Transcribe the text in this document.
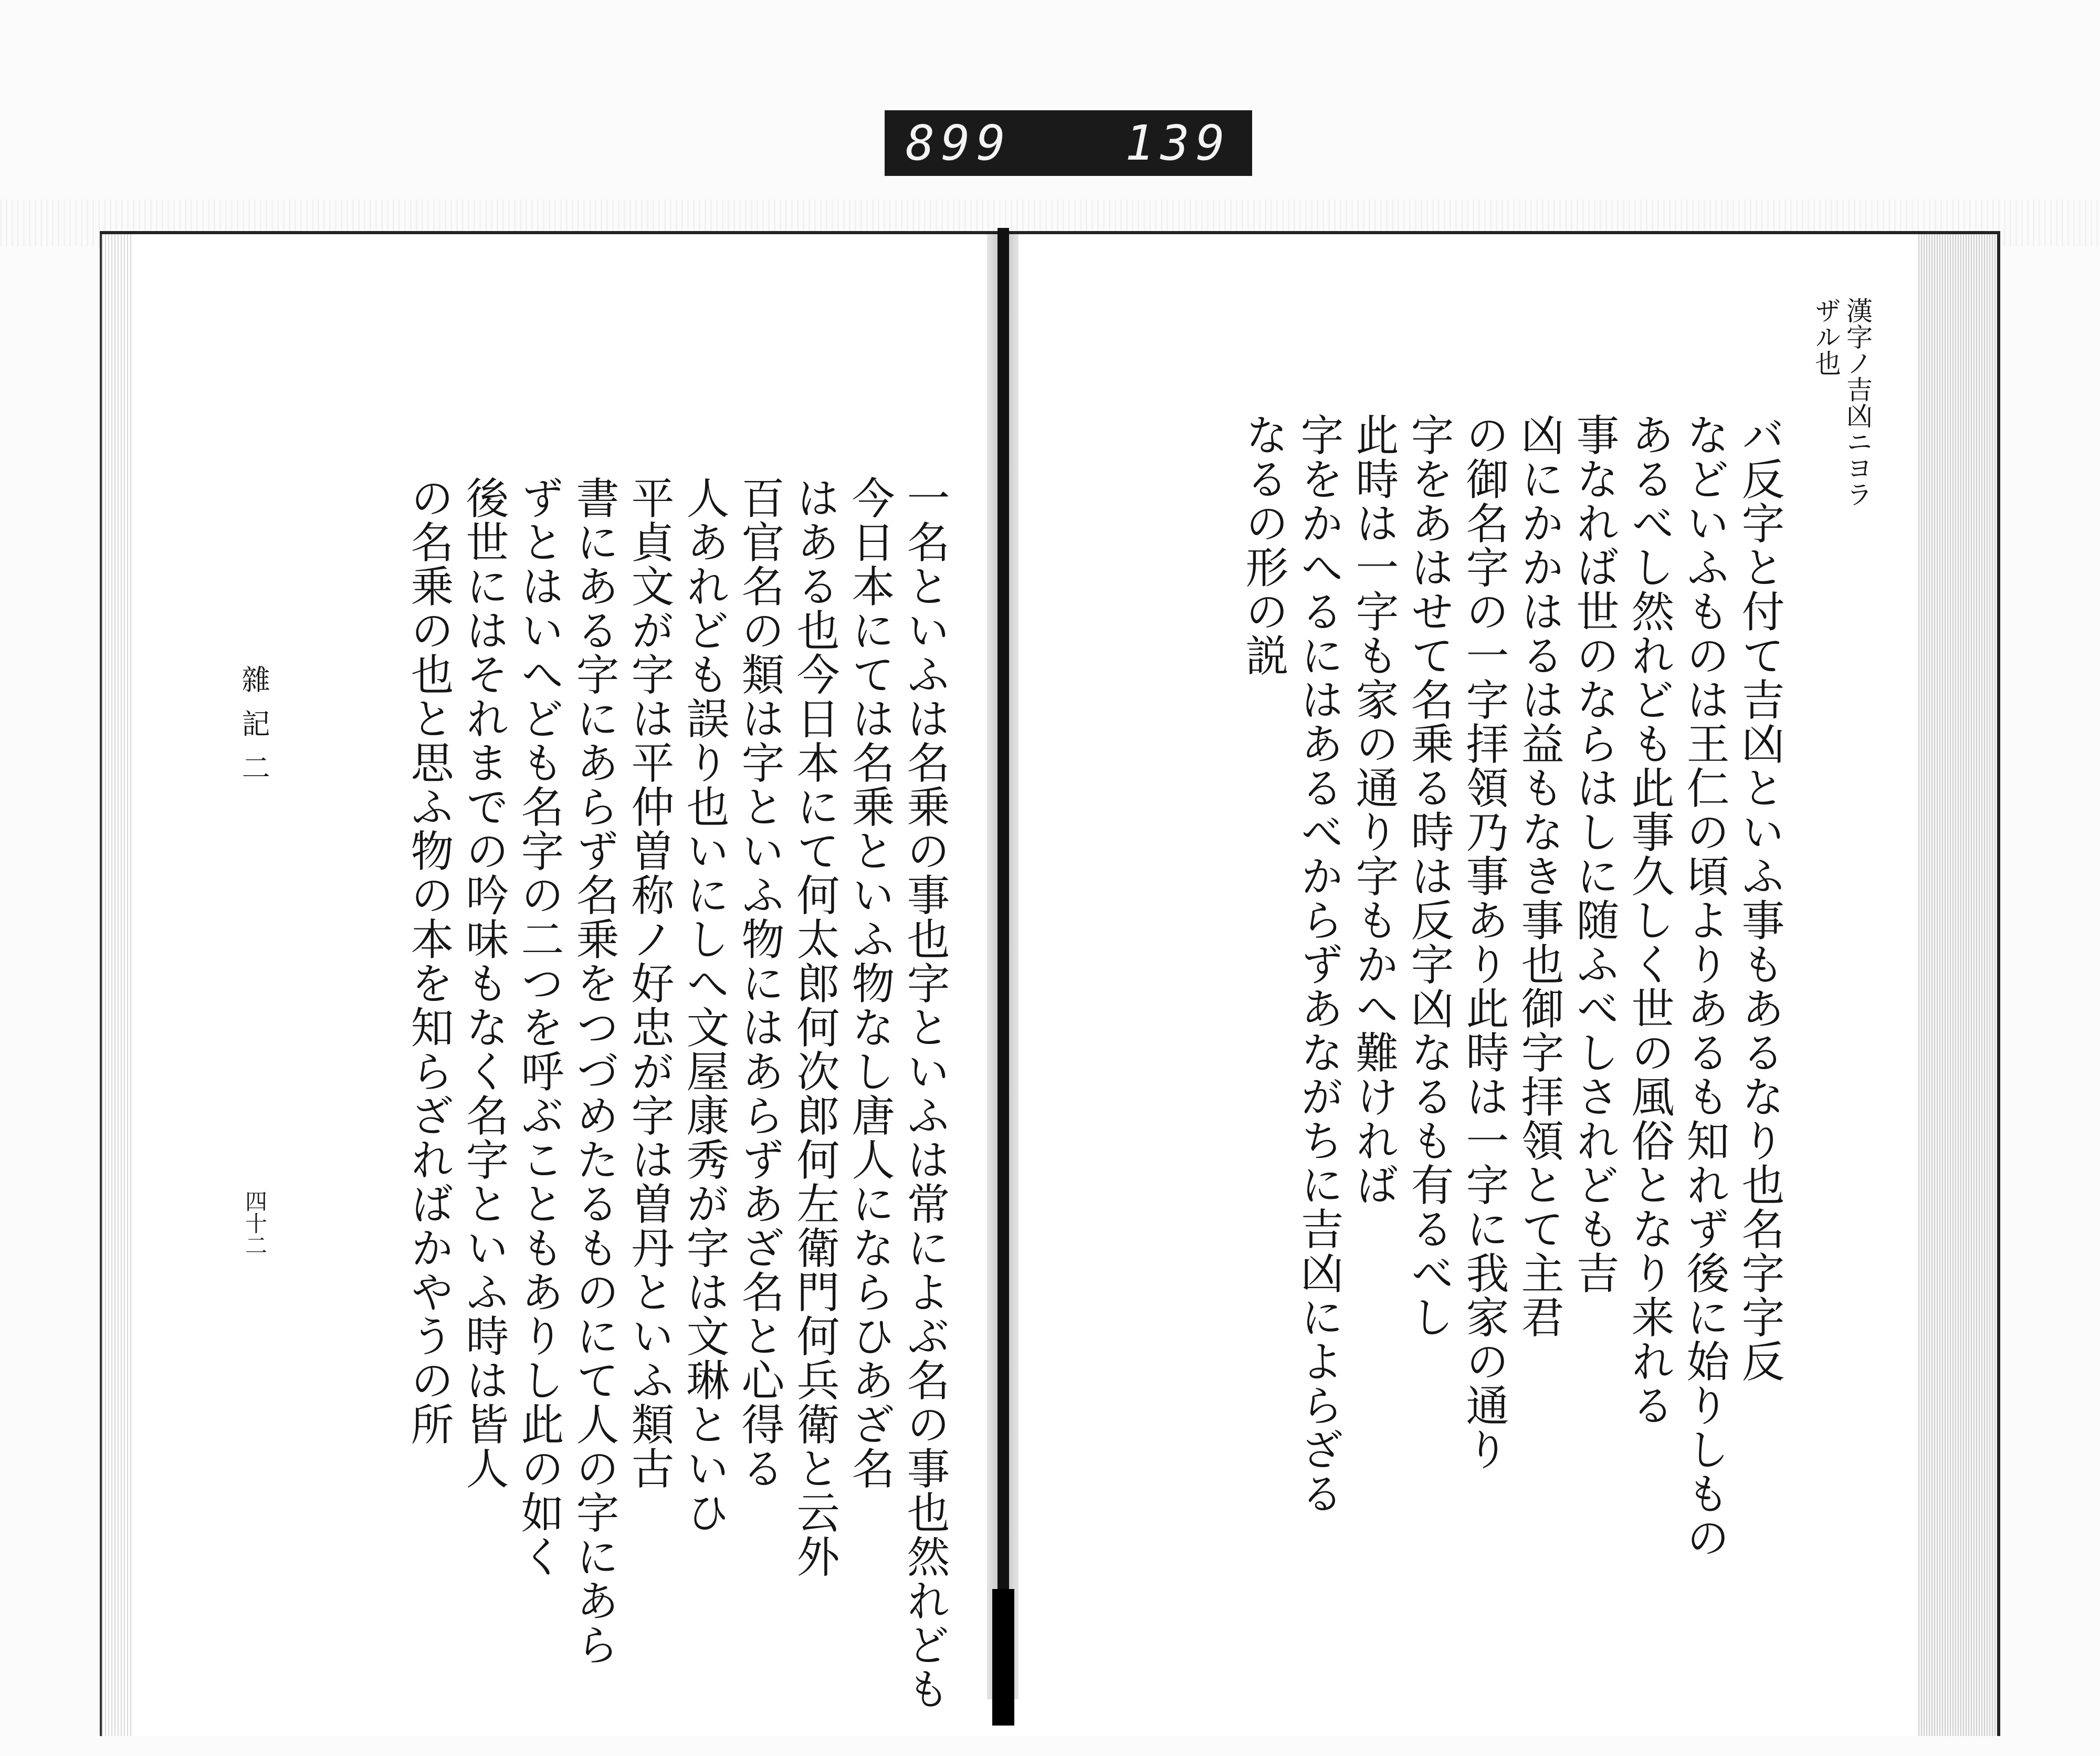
899 139
漢字ノ吉凶ニヨラ
ザル也
バ反字と付て吉凶といふ事もあるなり也名字字反
などいふものは王仁の頃よりあるも知れず後に始りしもの
あるべし然れども此事久しく世の風俗となり来れる
事なれば世のならはしに随ふべしされども吉
凶にかかはるは益もなき事也御字拝領とて主君
の御名字の一字拝領乃事あり此時は一字に我家の通り
字をあはせて名乗る時は反字凶なるも有るべし
此時は一字も家の通り字もかへ難ければ
字をかへるにはあるべからずあながちに吉凶によらざる
なるの形の説
一名といふは名乗の事也字といふは常によぶ名の事也然れども
今日本にては名乗といふ物なし唐人にならひあざ名
はある也今日本にて何太郎何次郎何左衛門何兵衛と云外
百官名の類は字といふ物にはあらずあざ名と心得る
人あれども誤り也いにしへ文屋康秀が字は文琳といひ
平貞文が字は平仲曽称ノ好忠が字は曽丹といふ類古
書にある字にあらず名乗をつづめたるものにて人の字にあら
ずとはいへども名字の二つを呼ぶこともありし此の如く
後世にはそれまでの吟味もなく名字といふ時は皆人
の名乗の也と思ふ物の本を知らざればかやうの所
雜記二
四十二
